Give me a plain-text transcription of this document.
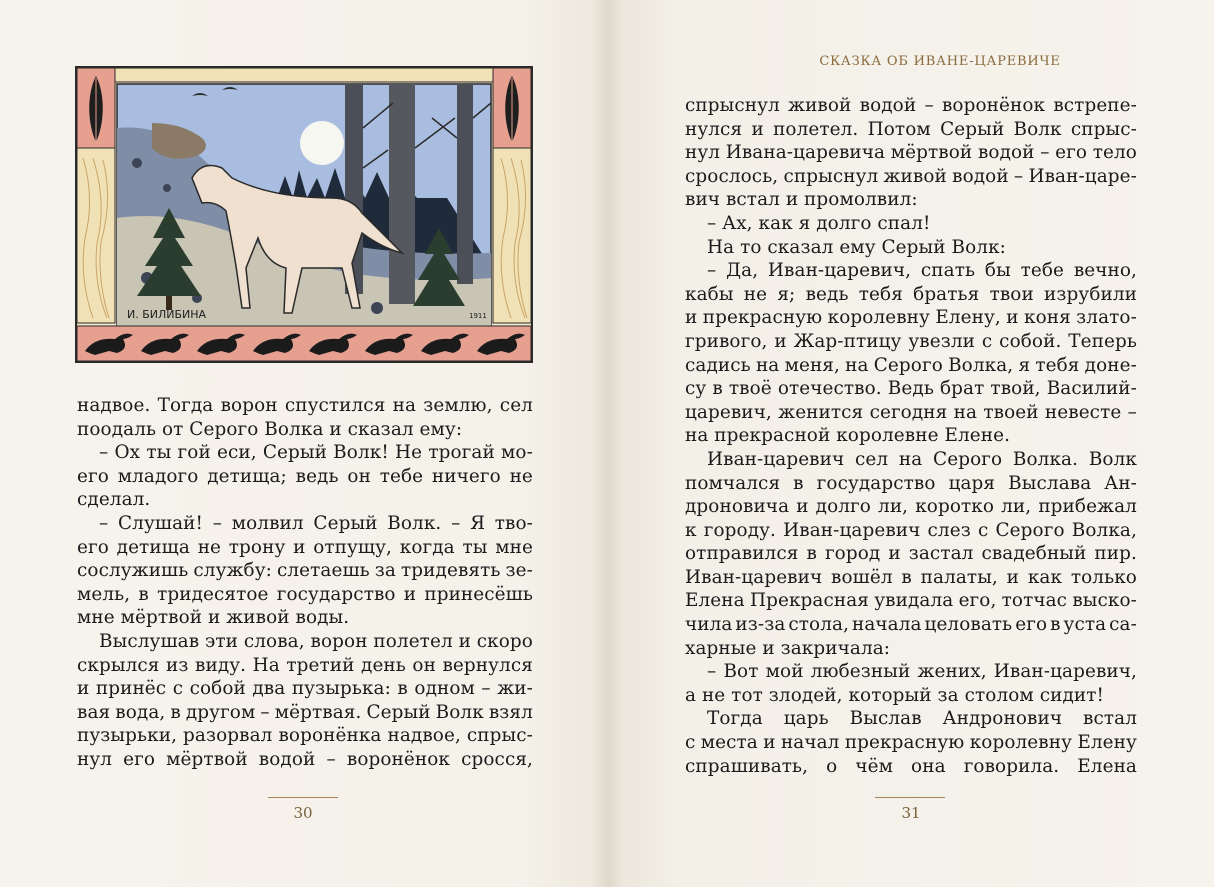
И. БИЛИБИНА	1911
надвое. Тогда ворон спустился на землю, сел
поодаль от Серого Волка и сказал ему:
– Ох ты гой еси, Серый Волк! Не трогай мо-
его младого детища; ведь он тебе ничего не
сделал.
– Слушай! – молвил Серый Волк. – Я тво-
его детища не трону и отпущу, когда ты мне
сослужишь службу: слетаешь за тридевять зе-
мель, в тридесятое государство и принесёшь
мне мёртвой и живой воды.
Выслушав эти слова, ворон полетел и скоро
скрылся из виду. На третий день он вернулся
и принёс с собой два пузырька: в одном – жи-
вая вода, в другом – мёртвая. Серый Волк взял
пузырьки, разорвал воронёнка надвое, спрыс-
нул его мёртвой водой – воронёнок сросся,
30
СКАЗКА ОБ ИВАНЕ-ЦАРЕВИЧЕ
спрыснул живой водой – воронёнок встрепе-
нулся и полетел. Потом Серый Волк спрыс-
нул Ивана-царевича мёртвой водой – его тело
срослось, спрыснул живой водой – Иван-царе-
вич встал и промолвил:
– Ах, как я долго спал!
На то сказал ему Серый Волк:
– Да, Иван-царевич, спать бы тебе вечно,
кабы не я; ведь тебя братья твои изрубили
и прекрасную королевну Елену, и коня злато-
гривого, и Жар-птицу увезли с собой. Теперь
садись на меня, на Серого Волка, я тебя доне-
су в твоё отечество. Ведь брат твой, Василий-
царевич, женится сегодня на твоей невесте –
на прекрасной королевне Елене.
Иван-царевич сел на Серого Волка. Волк
помчался в государство царя Выслава Ан-
дроновича и долго ли, коротко ли, прибежал
к городу. Иван-царевич слез с Серого Волка,
отправился в город и застал свадебный пир.
Иван-царевич вошёл в палаты, и как только
Елена Прекрасная увидала его, тотчас выско-
чила из-за стола, начала целовать его в уста са-
харные и закричала:
– Вот мой любезный жених, Иван-царевич,
а не тот злодей, который за столом сидит!
Тогда царь Выслав Андронович встал
с места и начал прекрасную королевну Елену
спрашивать, о чём она говорила. Елена
31
